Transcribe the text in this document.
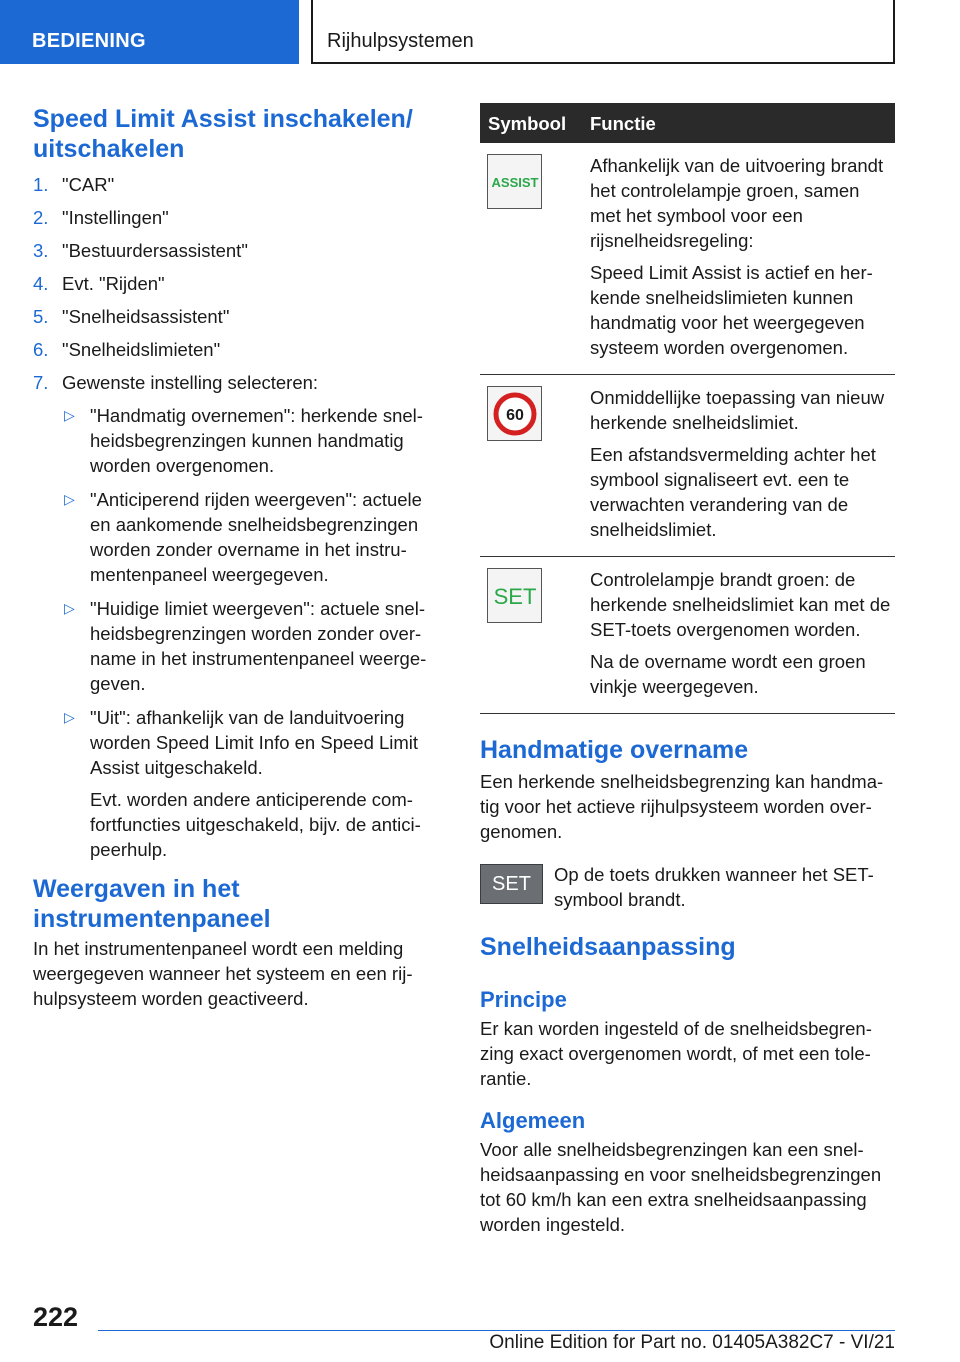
BEDIENING	Rijhulpsystemen
Speed Limit Assist inschakelen/ uitschakelen
1. "CAR"
2. "Instellingen"
3. "Bestuurdersassistent"
4. Evt. "Rijden"
5. "Snelheidsassistent"
6. "Snelheidslimieten"
7. Gewenste instelling selecteren:
▷ "Handmatig overnemen": herkende snelheidsbegrenzingen kunnen handmatig worden overgenomen.

▷ "Anticiperend rijden weergeven": actuele en aankomende snelheidsbegrenzingen worden zonder overname in het instrumentenpaneel weergegeven.

▷ "Huidige limiet weergeven": actuele snelheidsbegrenzingen worden zonder overname in het instrumentenpaneel weergegeven.

▷ "Uit": afhankelijk van de landuitvoering worden Speed Limit Info en Speed Limit Assist uitgeschakeld.

Evt. worden andere anticiperende comfortfuncties uitgeschakeld, bijv. de anticipeerhulp.

Weergaven in het instrumentenpaneel

In het instrumentenpaneel wordt een melding weergegeven wanneer het systeem en een rijhulpsysteem worden geactiveerd.

Symbool Functie
ASSIST

Afhankelijk van de uitvoering brandt het controlelampje groen, samen met het symbool voor een rijsnelheidsregeling:

Speed Limit Assist is actief en herkende snelheidslimieten kunnen handmatig voor het weergegeven systeem worden overgenomen.

60

Onmiddellijke toepassing van nieuw herkende snelheidslimiet.

Een afstandsvermelding achter het symbool signaliseert evt. een te verwachten verandering van de snelheidslimiet.

SET

Controlelampje brandt groen: de herkende snelheidslimiet kan met de SET-toets overgenomen worden.

Na de overname wordt een groen vinkje weergegeven.

Handmatige overname

Een herkende snelheidsbegrenzing kan handmatig voor het actieve rijhulpsysteem worden overgenomen.

SET Op de toets drukken wanneer het SET-symbool brandt.

Snelheidsaanpassing
Principe

Er kan worden ingesteld of de snelheidsbegrenzing exact overgenomen wordt, of met een tolerantie.

Algemeen

Voor alle snelheidsbegrenzingen kan een snelheidsaanpassing en voor snelheidsbegrenzingen tot 60 km/h kan een extra snelheidsaanpassing worden ingesteld.

222
Online Edition for Part no. 01405A382C7 - VI/21
